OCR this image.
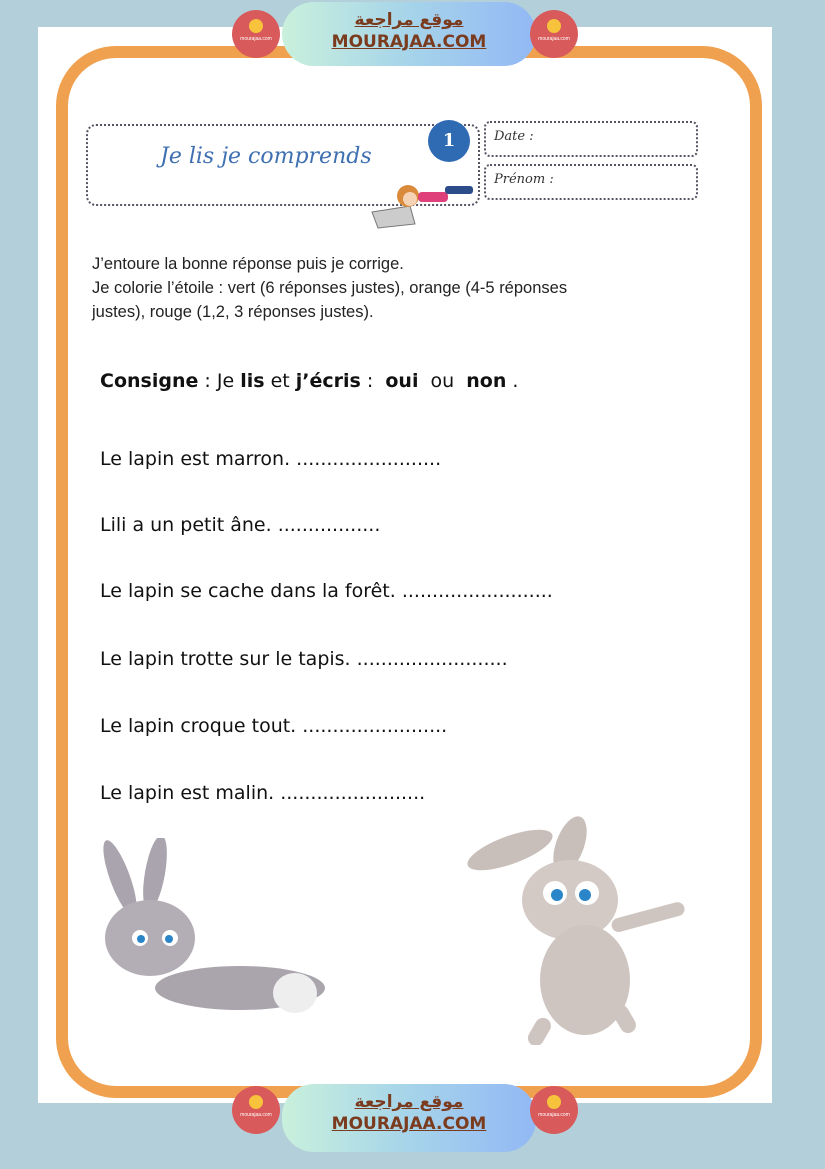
mourajaa.com
موقع مراجعة
MOURAJAA.COM	mourajaa.com
Je lis je comprends
1	Date :
Prénom :
J’entoure la bonne réponse puis je corrige.
Je colorie l’étoile : vert (6 réponses justes), orange (4-5 réponses
justes), rouge (1,2, 3 réponses justes).
Consigne : Je lis et j’écris :  oui  ou  non .
Le lapin est marron. ........................
Lili a un petit âne. .................
Le lapin se cache dans la forêt. .........................
Le lapin trotte sur le tapis. .........................
Le lapin croque tout. ........................
Le lapin est malin. ........................
mourajaa.com
موقع مراجعة
MOURAJAA.COM	mourajaa.com
